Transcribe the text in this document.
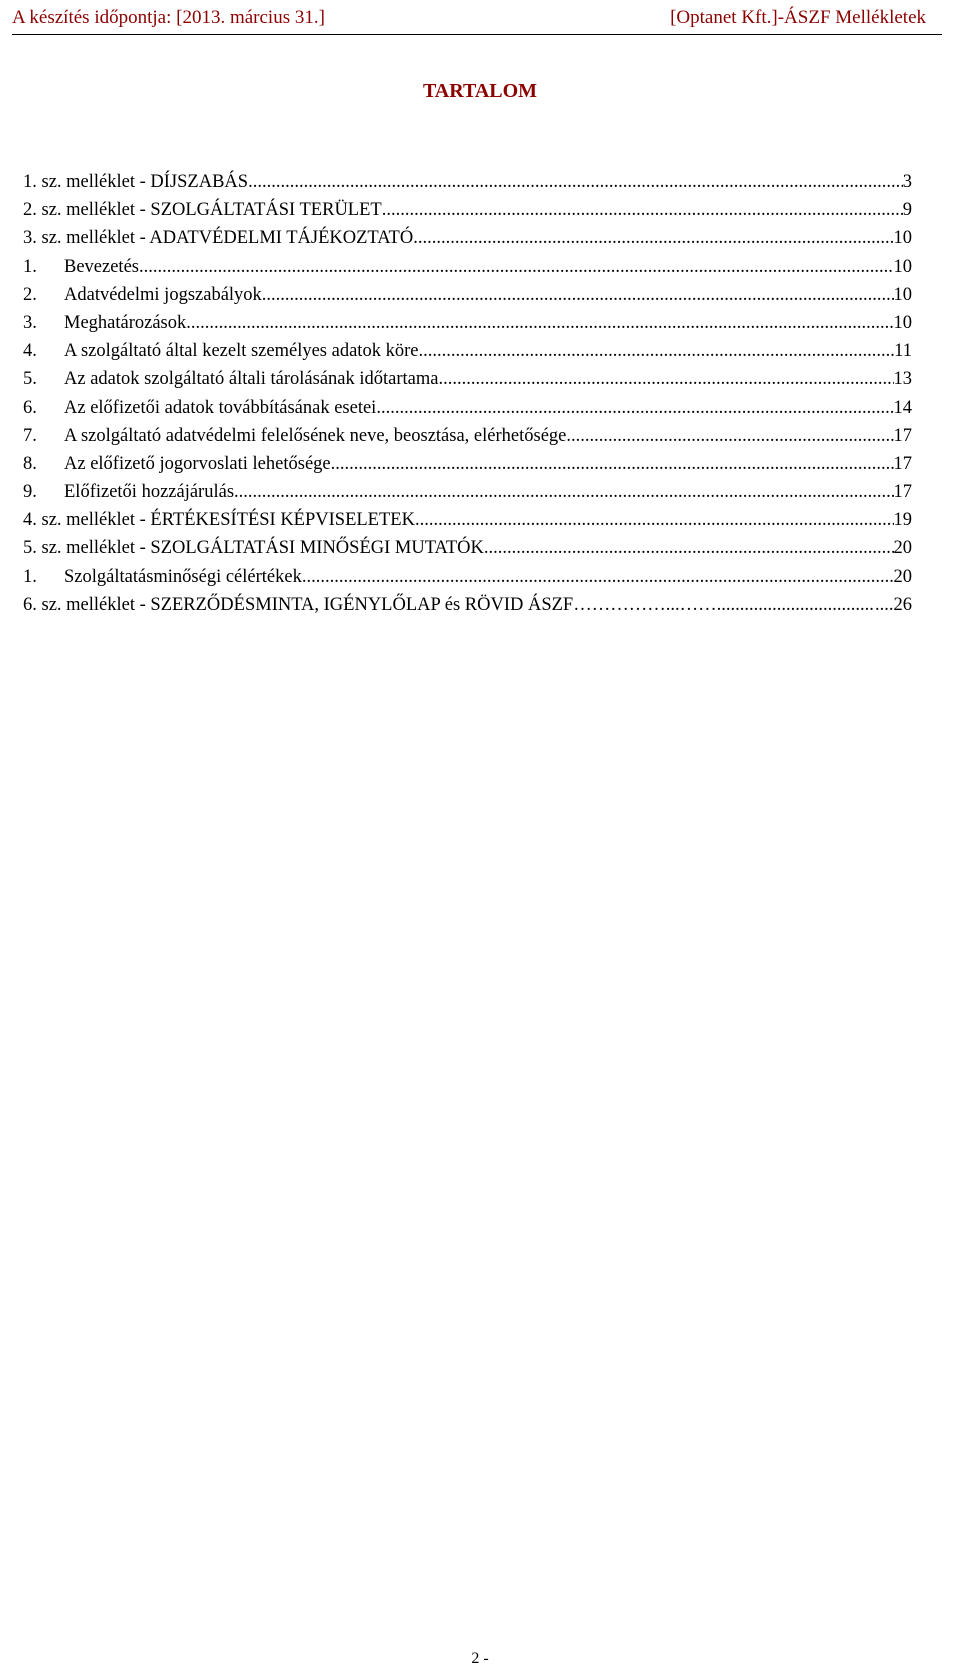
A készítés időpontja: [2013. március 31.]	[Optanet Kft.]-ÁSZF Mellékletek
TARTALOM
1. sz. melléklet - DÍJSZABÁS .....	3
2. sz. melléklet - SZOLGÁLTATÁSI TERÜLET .....	9
3. sz. melléklet - ADATVÉDELMI TÁJÉKOZTATÓ .....	10
1. Bevezetés .....	10
2. Adatvédelmi jogszabályok .....	10
3. Meghatározások .....	10
4. A szolgáltató által kezelt személyes adatok köre .....	11
5. Az adatok szolgáltató általi tárolásának időtartama .....	13
6. Az előfizetői adatok továbbításának esetei .....	14
7. A szolgáltató adatvédelmi felelősének neve, beosztása, elérhetősége .....	17
8. Az előfizető jogorvoslati lehetősége .....	17
9. Előfizetői hozzájárulás .....	17
4. sz. melléklet - ÉRTÉKESÍTÉSI KÉPVISELETEK .....	19
5. sz. melléklet - SZOLGÁLTATÁSI MINŐSÉGI MUTATÓK .....	20
1. Szolgáltatásminőségi célértékek .....	20
6. sz. melléklet - SZERZŐDÉSMINTA, IGÉNYLŐLAP és RÖVID ÁSZF ……………...…… .....	....26
2 -
